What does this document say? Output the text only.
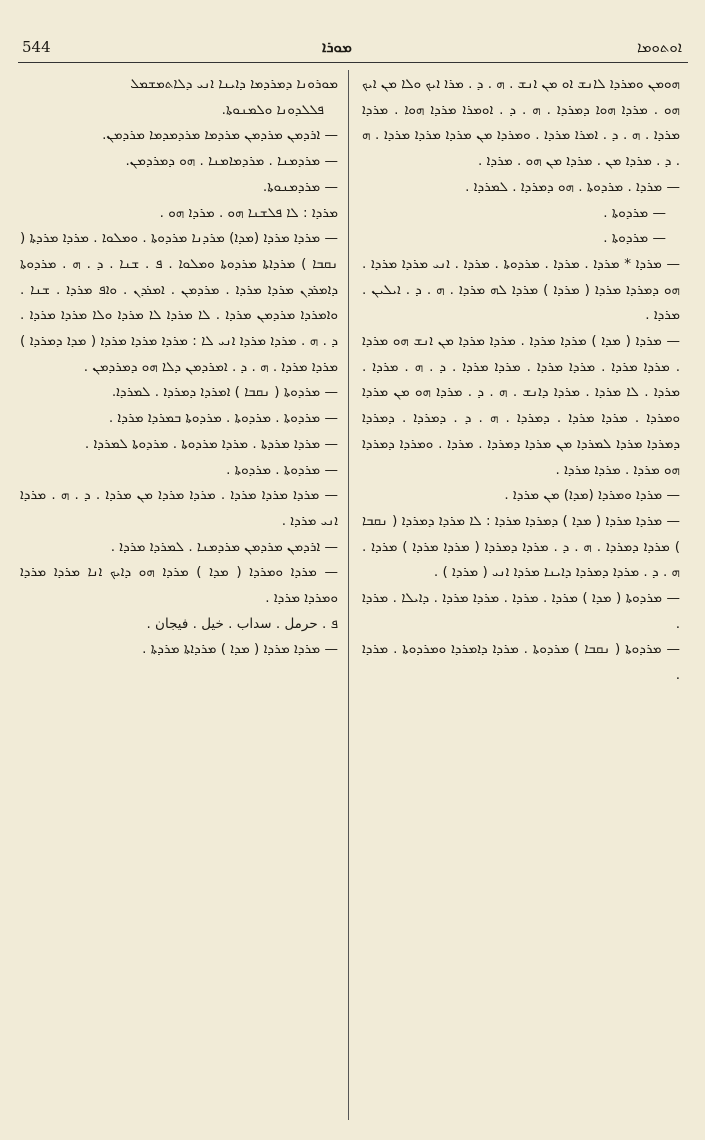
544	ܡܘܪܐ	ܐܘܬܘܡܐ

ܡܘܪܘܢܐ ܕܡܪܕܡܐ ܕܐܝܢܐ ܐܢܝ ܕܠܐܬܡܫܡܠ

ܦܠܠܕܘܢܐ ܘܠܡܢܘܬܐ.

— ܐܪܕܡܢ ܡܪܕܡܢ ܡܪܕܡܐ ܡܪܕܡܕܡܐ ܡܪܕܡܢ.

— ܡܪܕܡܢܐ . ܡܪܕܡܐܡܢܐ . ܗܘ ܕܡܪܕܡܢ.

— ܡܪܕܡܢܘܬܐ.

ܡܪܕܐ : ܠܐ ܦܠܫܢܐ ܗܘ . ܡܪܕܐ ܗܘ .

— ܡܪܕܐ ܡܪܕܐ (ܡܕܐ) ܡܪܕܢܐ ܡܪܕܘܬܐ . ܘܡܠܘܐ . ܡܪܕܐ ܡܪܕܬܐ ( ܢܩܒܐ ) ܡܪܕܐܬܐ ܡܪܕܘܬܐ ܘܡܠܘܐ . ܦ . ܫܢܐ . ܕ . ܗ . ܡܪܕܘܬܐ ܕܐܡܪܕܢ ܡܪܕܐ ܡܪܕܐ . ܡܪܕܡܢ . ܐܡܪܕܢ . ܘܐܦ ܡܪܕܐ . ܫܢܐ . ܘܐܡܪܕܐ ܡܪܕܡܢ ܡܪܕܐ . ܠܐ ܡܪܕܐ ܠܐ ܡܪܕܐ ܘܠܐ ܡܪܕܐ ܡܪܕܐ . ܕ . ܗ . ܡܪܕܐ ܡܪܕܐ ܐܢܝ ܠܐ : ܡܪܕܐ ܡܪܕܐ ܡܪܕܐ ( ܡܕܐ ܕܡܪܕܐ ) ܡܪܕܐ ܡܪܕܐ . ܗ . ܕ . ܐܡܪܕܡܢ ܕܠܐ ܗܘ ܕܡܪܕܡܢ .

— ܡܪܕܘܬܐ ( ܢܩܒܐ ) ܐܡܪܕܐ ܕܡܪܕܐ . ܠܡܪܕܐ.

— ܡܪܕܘܬܐ . ܡܪܕܘܬܐ . ܡܪܕܘܬܐ ܒܡܪܕܐ ܡܪܕܐ .

— ܡܪܕܐ ܡܪܕܬܐ . ܡܪܕܐ ܡܪܕܘܬܐ . ܡܪܕܘܬܐ ܠܡܪܕܐ .

— ܡܪܕܘܬܐ . ܡܪܕܘܬܐ .

— ܡܪܕܐ ܡܪܕܐ ܡܪܕܐ . ܡܪܕܐ ܡܪܕܐ ܡܢ ܡܪܕܐ . ܕ . ܗ . ܡܪܕܐ ܐܢܝ ܡܪܕܐ .

— ܐܪܕܡܢ ܡܪܕܡܢ ܡܪܕܡܢܐ . ܠܡܪܕܐ ܡܪܕܐ .

— ܡܪܕܐ ܘܡܪܕܐ ( ܡܕܐ ) ܡܪܕܐ ܗܘ ܕܐܝܟ ܐܢܐ ܡܪܕܐ ܡܪܕܐ ܘܡܪܕܐ ܡܪܕܐ .

ܦ . حرمل . سداب . خيل . فيجان .

— ܡܪܕܐ ܡܪܕܐ ( ܡܕܐ ) ܡܪܕܐܬܐ ܡܪܕܬܐ .

ܗܘܡܢ ܘܡܪܕܐ ܠܐܢܫ ܐܘ ܡܢ ܐܢܫ . ܗ . ܕ . ܡܪܐ ܐܝܟ ܘܠܐ ܡܢ ܐܝܟ ܗܘ . ܡܪܕܐ ܗܘܐ ܕܡܪܕܐ . ܗ . ܕ . ܐܘܡܪܐ ܡܪܕܐ ܗܘܐ . ܡܪܕܐ ܡܪܕܐ . ܗ . ܕ . ܐܡܪܐ ܡܪܕܐ . ܘܡܪܕܐ ܡܢ ܡܪܕܐ ܡܪܕܐ ܡܪܕܐ . ܗ . ܕ . ܡܪܕܐ ܡܢ . ܡܪܕܐ ܡܢ ܗܘ . ܡܪܕܐ .

— ܡܪܕܐ . ܡܪܕܘܬܐ . ܗܘ ܕܡܪܕܐ . ܠܡܪܕܐ .

— ܡܪܕܘܬܐ .

— ܡܪܕܘܬܐ .

— ܡܪܕܐ * ܡܪܕܐ . ܡܪܕܐ . ܡܪܕܘܬܐ . ܡܪܕܐ . ܐܢܝ ܡܪܕܐ ܡܪܕܐ . ܗܘ ܕܡܪܕܐ ܡܪܕܐ ( ܡܪܕܐ ) ܡܪܕܐ ܠܗ ܡܪܕܐ . ܗ . ܕ . ܐܝܠܝܢ . ܡܪܕܐ .

— ܡܪܕܐ ( ܡܕܐ ) ܡܪܕܐ ܡܪܕܐ . ܡܪܕܐ ܡܪܕܐ ܡܢ ܐܢܫ ܗܘ ܡܪܕܐ . ܡܪܕܐ ܡܪܕܐ . ܡܪܕܐ ܡܪܕܐ . ܡܪܕܐ ܡܪܕܐ . ܕ . ܗ . ܡܪܕܐ . ܡܪܕܐ . ܠܐ ܡܪܕܐ . ܡܪܕܐ ܕܐܢܫ . ܗ . ܕ . ܡܪܕܐ ܗܘ ܡܢ ܡܪܕܐ ܘܡܪܕܐ . ܡܪܕܐ ܡܪܕܐ . ܕܡܪܕܐ . ܗ . ܕ . ܕܡܪܕܐ . ܕܡܪܕܐ ܕܡܪܕܐ ܡܪܕܐ ܠܡܪܕܐ ܡܢ ܡܪܕܐ ܕܡܪܕܐ . ܡܪܕܐ . ܘܡܪܕܐ ܕܡܪܕܐ ܗܘ ܡܪܕܐ . ܡܪܕܐ ܡܪܕܐ .

— ܡܪܕܐ ܘܡܪܕܐ (ܡܕܐ) ܡܢ ܡܪܕܐ .

— ܡܪܕܐ ܡܪܕܐ ( ܡܕܐ ) ܕܡܪܕܐ ܡܪܕܐ : ܠܐ ܡܪܕܐ ܕܡܪܕܐ ( ܢܩܒܐ ) ܡܪܕܐ ܕܡܪܕܐ . ܗ . ܕ . ܡܪܕܐ ܕܡܪܕܐ ( ܡܪܕܐ ܡܪܕܐ ) ܡܪܕܐ . ܗ . ܕ . ܡܪܕܐ ܕܡܪܕܐ ܕܐܝܢܐ ܡܪܕܐ ܐܢܝ ( ܡܪܕܐ ) .

— ܡܪܕܘܬܐ ( ܡܕܐ ) ܡܪܕܐ . ܡܪܕܐ . ܡܪܕܐ ܡܪܕܐ . ܕܐܝܠܐ . ܡܪܕܐ .

— ܡܪܕܘܬܐ ( ܢܩܒܐ ) ܡܪܕܘܬܐ . ܡܪܕܐ ܕܐܡܪܕܐ ܘܡܪܕܘܬܐ . ܡܪܕܐ .
